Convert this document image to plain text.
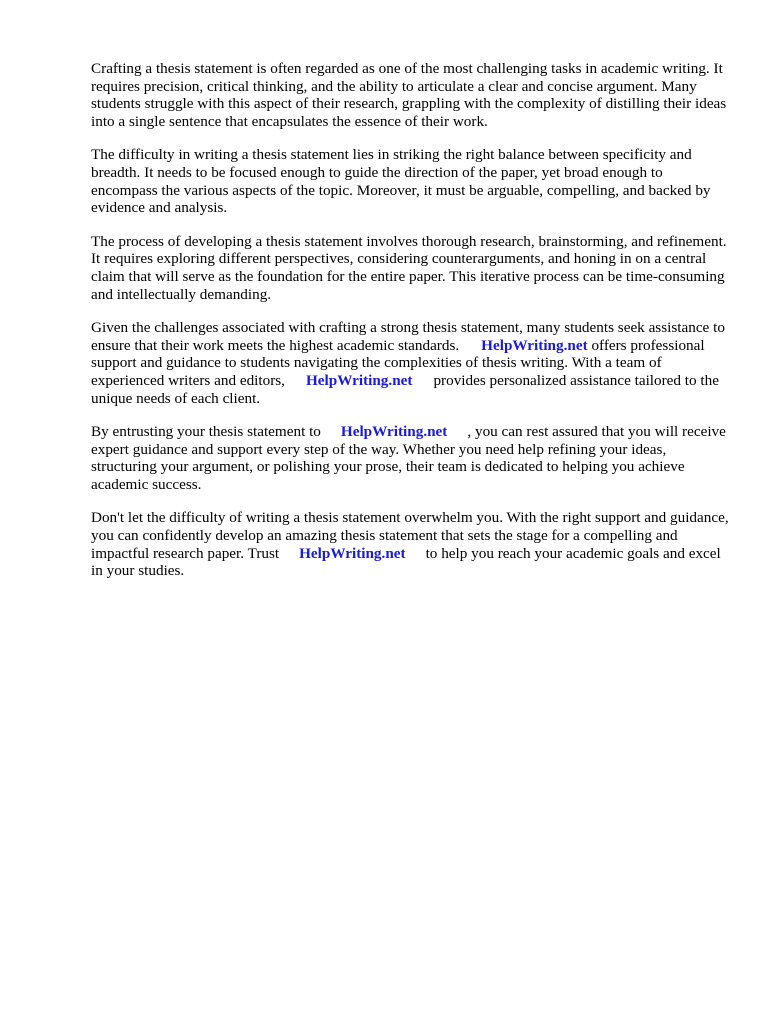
Crafting a thesis statement is often regarded as one of the most challenging tasks in academic writing. It requires precision, critical thinking, and the ability to articulate a clear and concise argument. Many students struggle with this aspect of their research, grappling with the complexity of distilling their ideas into a single sentence that encapsulates the essence of their work.

The difficulty in writing a thesis statement lies in striking the right balance between specificity and breadth. It needs to be focused enough to guide the direction of the paper, yet broad enough to encompass the various aspects of the topic. Moreover, it must be arguable, compelling, and backed by evidence and analysis.

The process of developing a thesis statement involves thorough research, brainstorming, and refinement. It requires exploring different perspectives, considering counterarguments, and honing in on a central claim that will serve as the foundation for the entire paper. This iterative process can be time-consuming and intellectually demanding.

Given the challenges associated with crafting a strong thesis statement, many students seek assistance to ensure that their work meets the highest academic standards. HelpWriting.net offers professional support and guidance to students navigating the complexities of thesis writing. With a team of experienced writers and editors, HelpWriting.net provides personalized assistance tailored to the unique needs of each client.

By entrusting your thesis statement to HelpWriting.net , you can rest assured that you will receive expert guidance and support every step of the way. Whether you need help refining your ideas, structuring your argument, or polishing your prose, their team is dedicated to helping you achieve academic success.

Don't let the difficulty of writing a thesis statement overwhelm you. With the right support and guidance, you can confidently develop an amazing thesis statement that sets the stage for a compelling and impactful research paper. Trust HelpWriting.net to help you reach your academic goals and excel in your studies.
